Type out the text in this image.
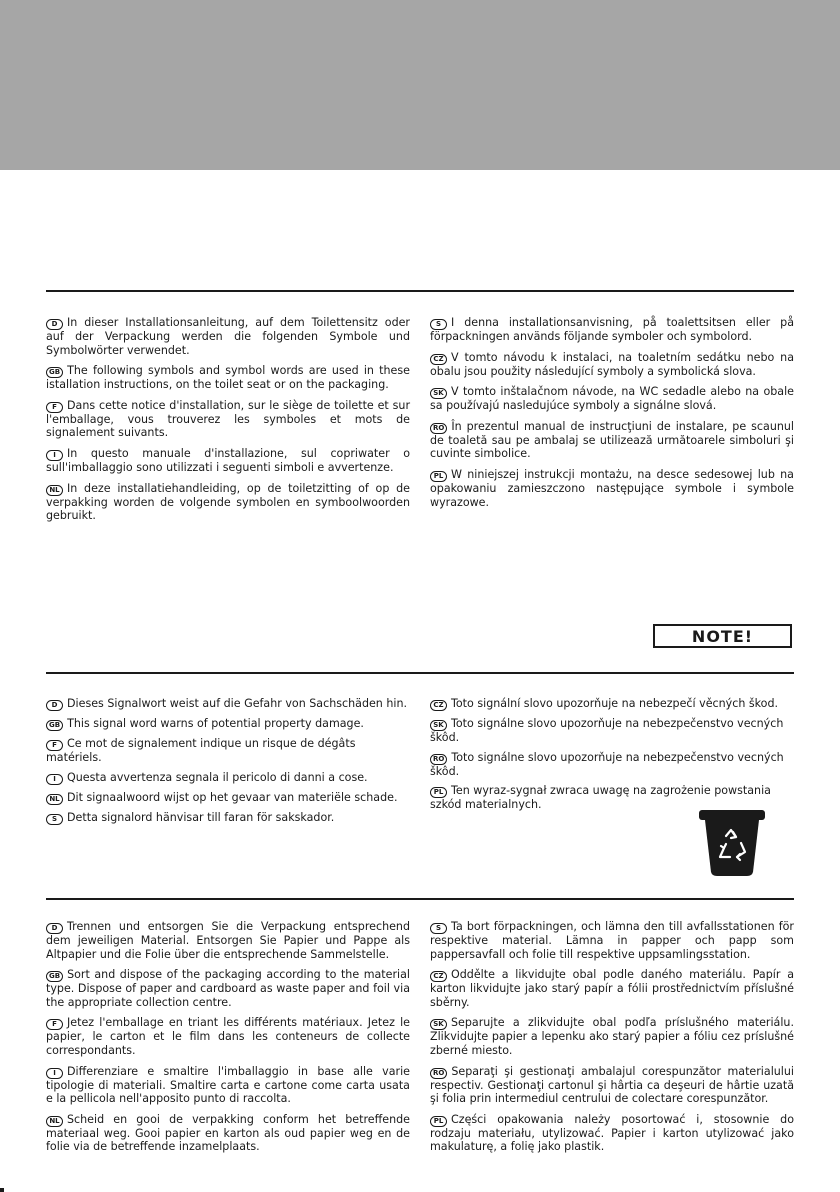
D In dieser Installationsanleitung, auf dem Toilettensitz oder auf der Verpackung werden die folgenden Symbole und Symbolwörter verwendet.

GB The following symbols and symbol words are used in these istallation instructions, on the toilet seat or on the packaging.

F Dans cette notice d'installation, sur le siège de toilette et sur l'emballage, vous trouverez les symboles et mots de signalement suivants.

I In questo manuale d'installazione, sul copriwater o sull'imballaggio sono utilizzati i seguenti simboli e avvertenze.

NL In deze installatiehandleiding, op de toiletzitting of op de verpakking worden de volgende symbolen en symboolwoorden gebruikt.

S I denna installationsanvisning, på toalettsitsen eller på förpackningen används följande symboler och symbolord.

CZ V tomto návodu k instalaci, na toaletním sedátku nebo na obalu jsou použity následující symboly a symbolická slova.

SK V tomto inštalačnom návode, na WC sedadle alebo na obale sa používajú nasledujúce symboly a signálne slová.

RO În prezentul manual de instrucţiuni de instalare, pe scaunul de toaletă sau pe ambalaj se utilizează următoarele simboluri şi cuvinte simbolice.

PL W niniejszej instrukcji montażu, na desce sedesowej lub na opakowaniu zamieszczono następujące symbole i symbole wyrazowe.

NOTE!

D Dieses Signalwort weist auf die Gefahr von Sachschäden hin.

GB This signal word warns of potential property damage.

F Ce mot de signalement indique un risque de dégâts matériels.

I Questa avvertenza segnala il pericolo di danni a cose.

NL Dit signaalwoord wijst op het gevaar van materiële schade.

S Detta signalord hänvisar till faran för sakskador.

CZ Toto signální slovo upozorňuje na nebezpečí věcných škod.

SK Toto signálne slovo upozorňuje na nebezpečenstvo vecných škôd.

RO Toto signálne slovo upozorňuje na nebezpečenstvo vecných škôd.

PL Ten wyraz-sygnał zwraca uwagę na zagrożenie powstania szkód materialnych.

D Trennen und entsorgen Sie die Verpackung entsprechend dem jeweiligen Material. Entsorgen Sie Papier und Pappe als Altpapier und die Folie über die entsprechende Sammelstelle.

GB Sort and dispose of the packaging according to the material type. Dispose of paper and cardboard as waste paper and foil via the appropriate collection centre.

F Jetez l'emballage en triant les différents matériaux. Jetez le papier, le carton et le film dans les conteneurs de collecte correspondants.

I Differenziare e smaltire l'imballaggio in base alle varie tipologie di materiali. Smaltire carta e cartone come carta usata e la pellicola nell'apposito punto di raccolta.

NL Scheid en gooi de verpakking conform het betreffende materiaal weg. Gooi papier en karton als oud papier weg en de folie via de betreffende inzamelplaats.

S Ta bort förpackningen, och lämna den till avfallsstationen för respektive material. Lämna in papper och papp som pappersavfall och folie till respektive uppsamlingsstation.

CZ Oddělte a likvidujte obal podle daného materiálu. Papír a karton likvidujte jako starý papír a fólii prostřednictvím příslušné sběrny.

SK Separujte a zlikvidujte obal podľa príslušného materiálu. Zlikvidujte papier a lepenku ako starý papier a fóliu cez príslušné zberné miesto.

RO Separaţi şi gestionaţi ambalajul corespunzător materialului respectiv. Gestionaţi cartonul şi hârtia ca deşeuri de hârtie uzată şi folia prin intermediul centrului de colectare corespunzător.

PL Części opakowania należy posortować i, stosownie do rodzaju materiału, utylizować. Papier i karton utylizować jako makulaturę, a folię jako plastik.
